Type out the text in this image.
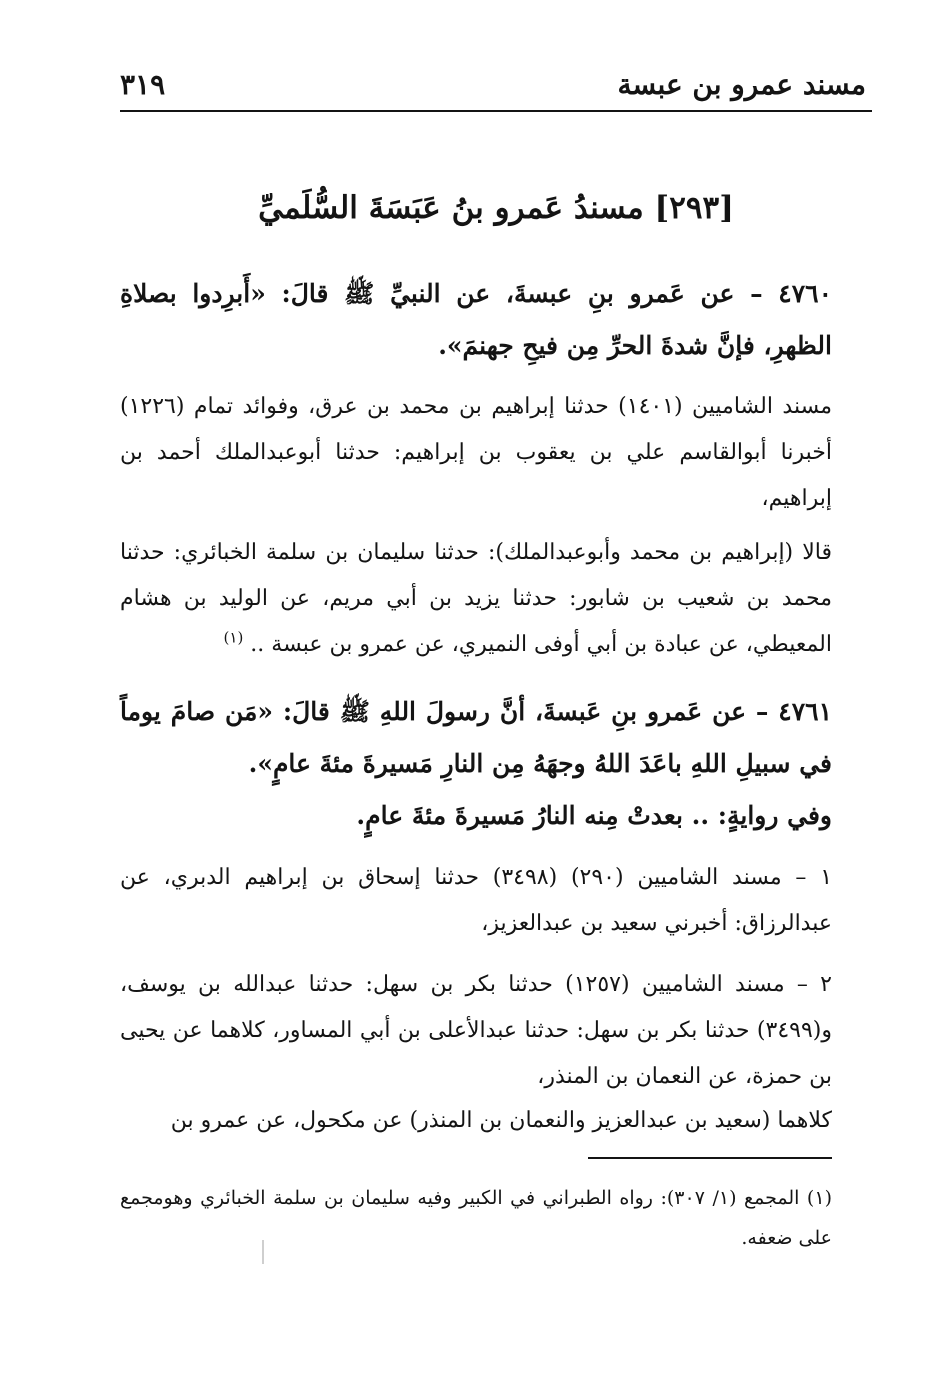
مسند عمرو بن عبسة
٣١٩
[٢٩٣] مسندُ عَمرو بنُ عَبَسَةَ السُّلَميِّ

٤٧٦٠ – عن عَمرو بنِ عبسةَ، عن النبيِّ ﷺ قالَ: «أَبرِدوا بصلاةِ الظهرِ، فإنَّ شدةَ الحرِّ مِن فيحِ جهنمَ».

مسند الشاميين (١٤٠١) حدثنا إبراهيم بن محمد بن عرق، وفوائد تمام (١٢٢٦) أخبرنا أبوالقاسم علي بن يعقوب بن إبراهيم: حدثنا أبوعبدالملك أحمد بن إبراهيم،

قالا (إبراهيم بن محمد وأبوعبدالملك): حدثنا سليمان بن سلمة الخبائري: حدثنا محمد بن شعيب بن شابور: حدثنا يزيد بن أبي مريم، عن الوليد بن هشام المعيطي، عن عبادة بن أبي أوفى النميري، عن عمرو بن عبسة .. $^{(١)}$

٤٧٦١ – عن عَمرو بنِ عَبسةَ، أنَّ رسولَ اللهِ ﷺ قالَ: «مَن صامَ يوماً في سبيلِ اللهِ باعَدَ اللهُ وجهَهُ مِن النارِ مَسيرةَ مئةَ عامٍ».

وفي روايةٍ: .. بعدتْ مِنه النارُ مَسيرةَ مئةَ عامٍ.

١ – مسند الشاميين (٢٩٠) (٣٤٩٨) حدثنا إسحاق بن إبراهيم الدبري، عن عبدالرزاق: أخبرني سعيد بن عبدالعزيز،

٢ – مسند الشاميين (١٢٥٧) حدثنا بكر بن سهل: حدثنا عبدالله بن يوسف، و(٣٤٩٩) حدثنا بكر بن سهل: حدثنا عبدالأعلى بن أبي المساور، كلاهما عن يحيى بن حمزة، عن النعمان بن المنذر،

كلاهما (سعيد بن عبدالعزيز والنعمان بن المنذر) عن مكحول، عن عمرو بن

(١) المجمع (١/ ٣٠٧): رواه الطبراني في الكبير وفيه سليمان بن سلمة الخبائري وهومجمع على ضعفه.
